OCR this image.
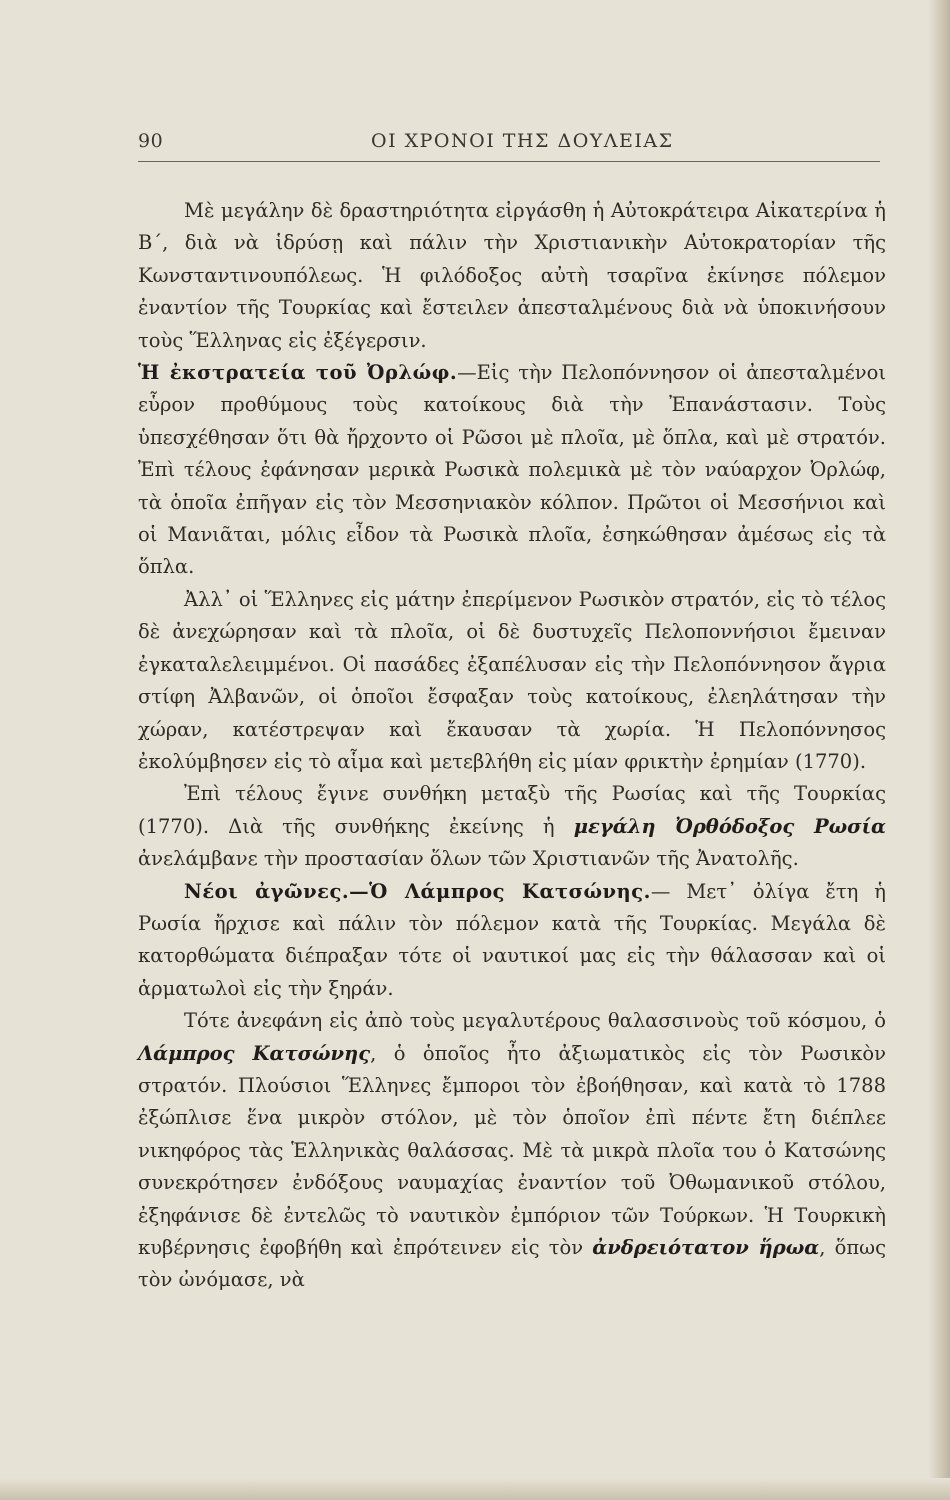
90	ΟΙ ΧΡΟΝΟΙ ΤΗΣ ΔΟΥΛΕΙΑΣ

Μὲ μεγάλην δὲ δραστηριότητα εἰργάσθη ἡ Αὐτοκράτειρα Αἰκατερίνα ἡ Β΄, διὰ νὰ ἱδρύσῃ καὶ πάλιν τὴν Χριστιανικὴν Αὐτοκρατορίαν τῆς Κωνσταντινουπόλεως. Ἡ φιλόδοξος αὐτὴ τσαρῖνα ἐκίνησε πόλεμον ἐναντίον τῆς Τουρκίας καὶ ἔστειλεν ἀπεσταλμένους διὰ νὰ ὑποκινήσουν τοὺς Ἕλληνας εἰς ἐξέγερσιν.

Ἡ ἐκστρατεία τοῦ Ὀρλώφ.—Εἰς τὴν Πελοπόννησον οἱ ἀπεσταλμένοι εὗρον προθύμους τοὺς κατοίκους διὰ τὴν Ἐπανάστασιν. Τοὺς ὑπεσχέθησαν ὅτι θὰ ἤρχοντο οἱ Ρῶσοι μὲ πλοῖα, μὲ ὅπλα, καὶ μὲ στρατόν. Ἐπὶ τέλους ἐφάνησαν μερικὰ Ρωσικὰ πολεμικὰ μὲ τὸν ναύαρχον Ὀρλώφ, τὰ ὁποῖα ἐπῆγαν εἰς τὸν Μεσσηνιακὸν κόλπον. Πρῶτοι οἱ Μεσσήνιοι καὶ οἱ Μανιᾶται, μόλις εἶδον τὰ Ρωσικὰ πλοῖα, ἐσηκώθησαν ἀμέσως εἰς τὰ ὅπλα.

Ἀλλ᾽ οἱ Ἕλληνες εἰς μάτην ἐπερίμενον Ρωσικὸν στρατόν, εἰς τὸ τέλος δὲ ἀνεχώρησαν καὶ τὰ πλοῖα, οἱ δὲ δυστυχεῖς Πελοποννήσιοι ἔμειναν ἐγκαταλελειμμένοι. Οἱ πασάδες ἐξαπέλυσαν εἰς τὴν Πελοπόννησον ἄγρια στίφη Ἀλβανῶν, οἱ ὁποῖοι ἔσφαξαν τοὺς κατοίκους, ἐλεηλάτησαν τὴν χώραν, κατέστρεψαν καὶ ἔκαυσαν τὰ χωρία. Ἡ Πελοπόννησος ἐκολύμβησεν εἰς τὸ αἷμα καὶ μετεβλήθη εἰς μίαν φρικτὴν ἐρημίαν (1770).

Ἐπὶ τέλους ἔγινε συνθήκη μεταξὺ τῆς Ρωσίας καὶ τῆς Τουρκίας (1770). Διὰ τῆς συνθήκης ἐκείνης ἡ μεγάλη Ὀρθόδοξος Ρωσία ἀνελάμβανε τὴν προστασίαν ὅλων τῶν Χριστιανῶν τῆς Ἀνατολῆς.

Νέοι ἀγῶνες.—Ὁ Λάμπρος Κατσώνης.— Μετ᾽ ὀλίγα ἔτη ἡ Ρωσία ἤρχισε καὶ πάλιν τὸν πόλεμον κατὰ τῆς Τουρκίας. Μεγάλα δὲ κατορθώματα διέπραξαν τότε οἱ ναυτικοί μας εἰς τὴν θάλασσαν καὶ οἱ ἁρματωλοὶ εἰς τὴν ξηράν.

Τότε ἀνεφάνη εἰς ἀπὸ τοὺς μεγαλυτέρους θαλασσινοὺς τοῦ κόσμου, ὁ Λάμπρος Κατσώνης, ὁ ὁποῖος ἦτο ἀξιωματικὸς εἰς τὸν Ρωσικὸν στρατόν. Πλούσιοι Ἕλληνες ἔμποροι τὸν ἐβοήθησαν, καὶ κατὰ τὸ 1788 ἐξώπλισε ἕνα μικρὸν στόλον, μὲ τὸν ὁποῖον ἐπὶ πέντε ἔτη διέπλεε νικηφόρος τὰς Ἑλληνικὰς θαλάσσας. Μὲ τὰ μικρὰ πλοῖα του ὁ Κατσώνης συνεκρότησεν ἐνδόξους ναυμαχίας ἐναντίον τοῦ Ὀθωμανικοῦ στόλου, ἐξηφάνισε δὲ ἐντελῶς τὸ ναυτικὸν ἐμπόριον τῶν Τούρκων. Ἡ Τουρκικὴ κυβέρνησις ἐφοβήθη καὶ ἐπρότεινεν εἰς τὸν ἀνδρειότατον ἥρωα, ὅπως τὸν ὠνόμασε, νὰ
